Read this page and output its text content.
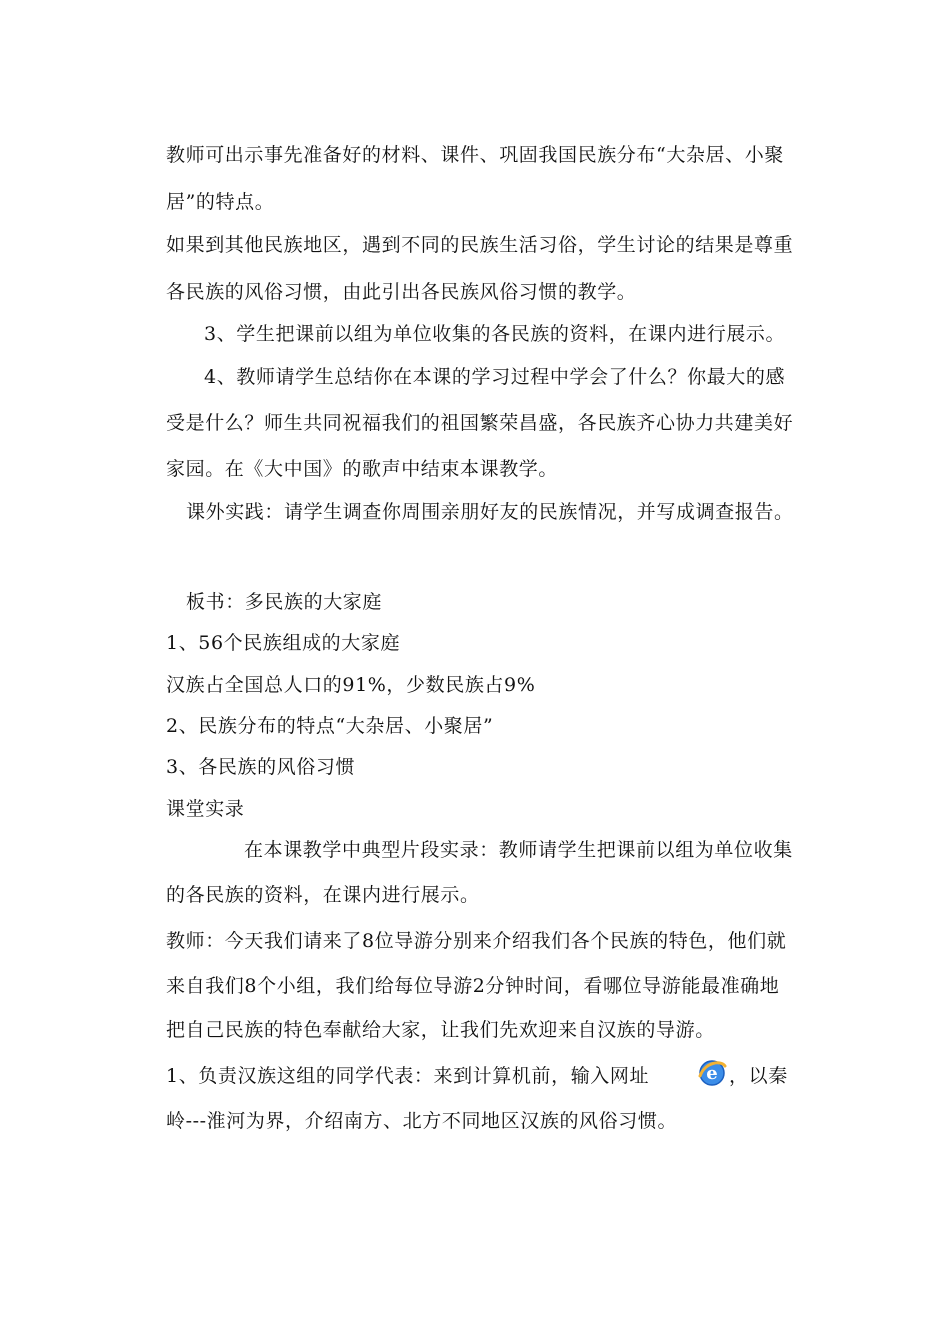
教师可出示事先准备好的材料、课件、巩固我国民族分布“大杂居、小聚
居”的特点。
如果到其他民族地区，遇到不同的民族生活习俗，学生讨论的结果是尊重
各民族的风俗习惯，由此引出各民族风俗习惯的教学。
3、学生把课前以组为单位收集的各民族的资料，在课内进行展示。
4、教师请学生总结你在本课的学习过程中学会了什么？你最大的感
受是什么？师生共同祝福我们的祖国繁荣昌盛，各民族齐心协力共建美好
家园。在《大中国》的歌声中结束本课教学。
课外实践：请学生调查你周围亲朋好友的民族情况，并写成调查报告。
板书：多民族的大家庭
1、56个民族组成的大家庭
汉族占全国总人口的91%，少数民族占9%
2、民族分布的特点“大杂居、小聚居”
3、各民族的风俗习惯
课堂实录
在本课教学中典型片段实录：教师请学生把课前以组为单位收集
的各民族的资料，在课内进行展示。
教师：今天我们请来了8位导游分别来介绍我们各个民族的特色，他们就
来自我们8个小组，我们给每位导游2分钟时间，看哪位导游能最准确地
把自己民族的特色奉献给大家，让我们先欢迎来自汉族的导游。
1、负责汉族这组的同学代表：来到计算机前，输入网址	e ，以秦
岭---淮河为界，介绍南方、北方不同地区汉族的风俗习惯。
